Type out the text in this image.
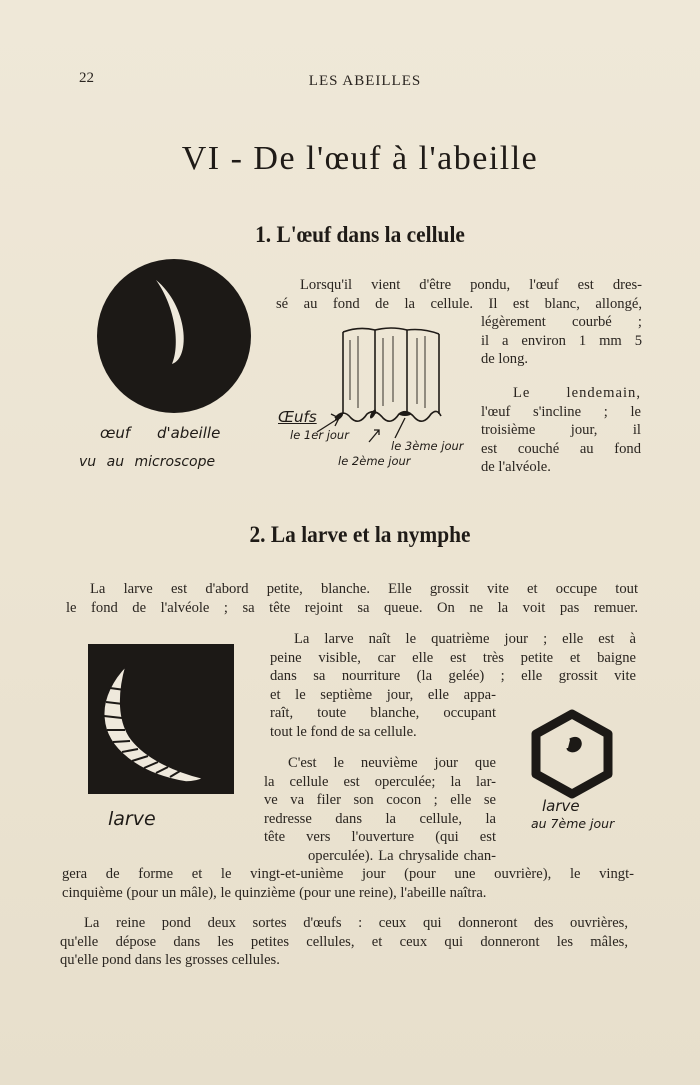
22	LES ABEILLES
VI - De l'œuf à l'abeille
1. L'œuf dans la cellule
œuf d'abeille
vu au microscope
Œufs
le 1er jour
le 2ème jour
le 3ème jour
Lorsqu'il vient d'être pondu, l'œuf est dres-
sé au fond de la cellule. Il est blanc, allongé,
légèrement courbé ;
il a environ 1 mm 5
de long.
Le lendemain,
l'œuf s'incline ; le
troisième jour, il
est couché au fond
de l'alvéole.
2. La larve et la nymphe
La larve est d'abord petite, blanche. Elle grossit vite et occupe tout
le fond de l'alvéole ; sa tête rejoint sa queue. On ne la voit pas remuer.
larve
La larve naît le quatrième jour ; elle est à
peine visible, car elle est très petite et baigne
dans sa nourriture (la gelée) ; elle grossit vite
et le septième jour, elle appa-
raît, toute blanche, occupant
tout le fond de sa cellule.
C'est le neuvième jour que
la cellule est operculée; la lar-
ve va filer son cocon ; elle se
redresse dans la cellule, la
tête vers l'ouverture (qui est
operculée). La chrysalide chan-
larve
au 7ème jour
gera de forme et le vingt-et-unième jour (pour une ouvrière), le vingt-
cinquième (pour un mâle), le quinzième (pour une reine), l'abeille naîtra.
La reine pond deux sortes d'œufs : ceux qui donneront des ouvrières,
qu'elle dépose dans les petites cellules, et ceux qui donneront les mâles,
qu'elle pond dans les grosses cellules.
